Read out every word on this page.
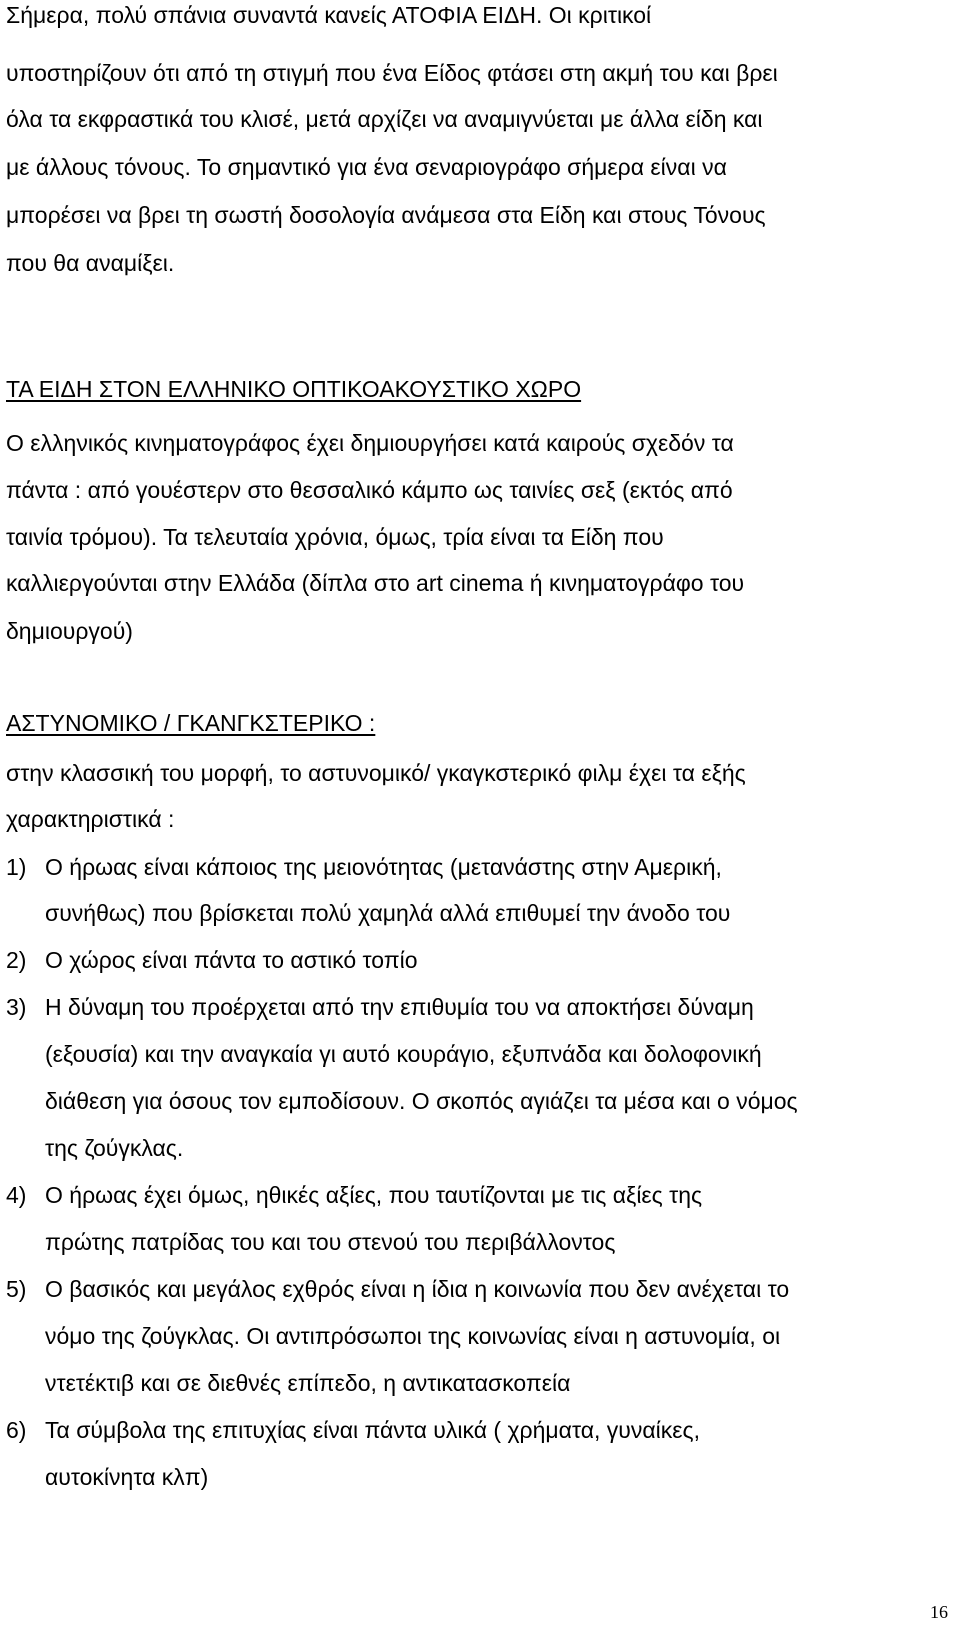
Σήμερα, πολύ σπάνια συναντά κανείς ΑΤΟΦΙΑ ΕΙΔΗ. Οι κριτικοί
υποστηρίζουν ότι από τη στιγμή που ένα Είδος φτάσει στη ακμή του και βρει
όλα τα εκφραστικά του κλισέ, μετά αρχίζει να αναμιγνύεται με άλλα είδη και
με άλλους τόνους. Το σημαντικό για ένα σεναριογράφο σήμερα είναι να
μπορέσει να βρει τη σωστή δοσολογία ανάμεσα στα Είδη και στους Τόνους
που θα αναμίξει.
ΤΑ ΕΙΔΗ ΣΤΟΝ ΕΛΛΗΝΙΚΟ ΟΠΤΙΚΟΑΚΟΥΣΤΙΚΟ ΧΩΡΟ
Ο ελληνικός κινηματογράφος έχει δημιουργήσει κατά καιρούς σχεδόν τα
πάντα : από γουέστερν στο θεσσαλικό κάμπο ως ταινίες σεξ (εκτός από
ταινία τρόμου). Τα τελευταία χρόνια, όμως, τρία είναι τα Είδη που
καλλιεργούνται στην Ελλάδα (δίπλα στο art cinema ή κινηματογράφο του
δημιουργού)
ΑΣΤΥΝΟΜΙΚΟ / ΓΚΑΝΓΚΣΤΕΡΙΚΟ :
στην κλασσική του μορφή, το αστυνομικό/ γκαγκστερικό φιλμ έχει τα εξής
χαρακτηριστικά :
1) Ο ήρωας είναι κάποιος της μειονότητας (μετανάστης στην Αμερική,
συνήθως) που βρίσκεται πολύ χαμηλά αλλά επιθυμεί την άνοδο του
2) Ο χώρος είναι πάντα το αστικό τοπίο
3) Η δύναμη του προέρχεται από την επιθυμία του να αποκτήσει δύναμη
(εξουσία) και την αναγκαία γι αυτό κουράγιο, εξυπνάδα και δολοφονική
διάθεση για όσους τον εμποδίσουν. Ο σκοπός αγιάζει τα μέσα και ο νόμος
της ζούγκλας.
4) Ο ήρωας έχει όμως, ηθικές αξίες, που ταυτίζονται με τις αξίες της
πρώτης πατρίδας του και του στενού του περιβάλλοντος
5) Ο βασικός και μεγάλος εχθρός είναι η ίδια η κοινωνία που δεν ανέχεται το
νόμο της ζούγκλας. Οι αντιπρόσωποι της κοινωνίας είναι η αστυνομία, οι
ντετέκτιβ και σε διεθνές επίπεδο, η αντικατασκοπεία
6) Τα σύμβολα της επιτυχίας είναι πάντα υλικά ( χρήματα, γυναίκες,
αυτοκίνητα κλπ)
16
